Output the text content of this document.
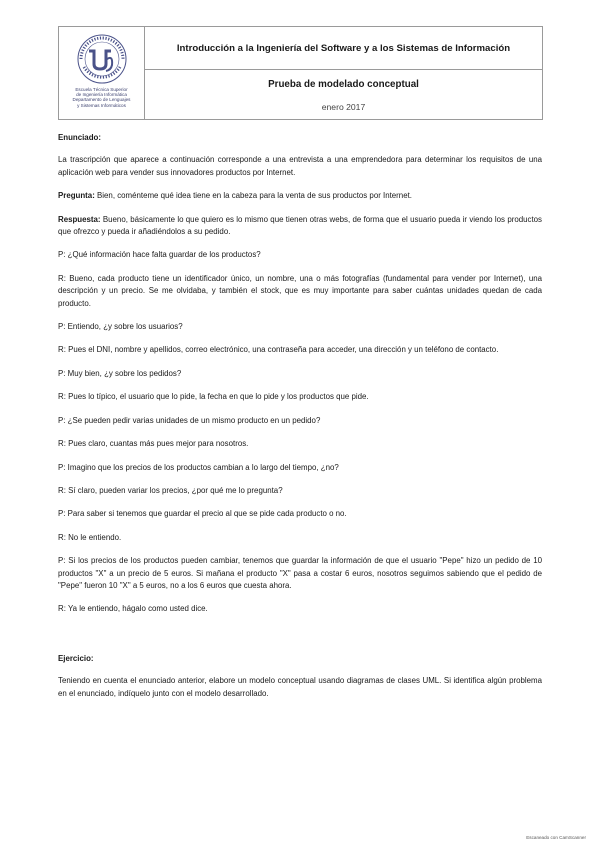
Escuela Técnica Superior
de Ingeniería Informática
Departamento de Lenguajes
y Sistemas Informáticos
Introducción a la Ingeniería del Software y a los Sistemas de Información
Prueba de modelado conceptual
enero 2017
Enunciado:
La trascripción que aparece a continuación corresponde a una entrevista a una emprendedora para determinar los requisitos de una aplicación web para vender sus innovadores productos por Internet.
Pregunta: Bien, coménteme qué idea tiene en la cabeza para la venta de sus productos por Internet.
Respuesta: Bueno, básicamente lo que quiero es lo mismo que tienen otras webs, de forma que el usuario pueda ir viendo los productos que ofrezco y pueda ir añadiéndolos a su pedido.
P: ¿Qué información hace falta guardar de los productos?
R: Bueno, cada producto tiene un identificador único, un nombre, una o más fotografías (fundamental para vender por Internet), una descripción y un precio. Se me olvidaba, y también el stock, que es muy importante para saber cuántas unidades quedan de cada producto.
P: Entiendo, ¿y sobre los usuarios?
R: Pues el DNI, nombre y apellidos, correo electrónico, una contraseña para acceder, una dirección y un teléfono de contacto.
P: Muy bien, ¿y sobre los pedidos?
R: Pues lo típico, el usuario que lo pide, la fecha en que lo pide y los productos que pide.
P: ¿Se pueden pedir varias unidades de un mismo producto en un pedido?
R: Pues claro, cuantas más pues mejor para nosotros.
P: Imagino que los precios de los productos cambian a lo largo del tiempo, ¿no?
R: Sí claro, pueden variar los precios, ¿por qué me lo pregunta?
P: Para saber si tenemos que guardar el precio al que se pide cada producto o no.
R: No le entiendo.
P: Si los precios de los productos pueden cambiar, tenemos que guardar la información de que el usuario "Pepe" hizo un pedido de 10 productos "X" a un precio de 5 euros. Si mañana el producto "X" pasa a costar 6 euros, nosotros seguimos sabiendo que el pedido de "Pepe" fueron 10 "X" a 5 euros, no a los 6 euros que cuesta ahora.
R: Ya le entiendo, hágalo como usted dice.
Ejercicio:
Teniendo en cuenta el enunciado anterior, elabore un modelo conceptual usando diagramas de clases UML. Si identifica algún problema en el enunciado, indíquelo junto con el modelo desarrollado.
Escaneado con CamScanner
